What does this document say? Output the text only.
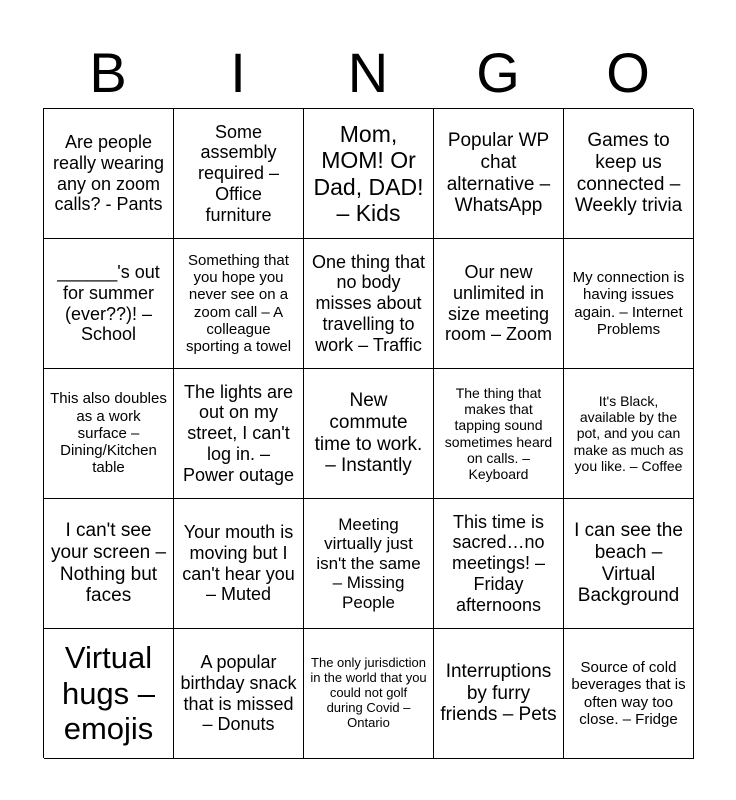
B	I	N	G	O
Are people really wearing any on zoom calls? - Pants
Some assembly required – Office furniture
Mom, MOM! Or Dad, DAD! – Kids
Popular WP chat alternative – WhatsApp
Games to keep us connected – Weekly trivia
______'s out for summer (ever??)! – School
Something that you hope you never see on a zoom call – A colleague sporting a towel
One thing that no body misses about travelling to work – Traffic
Our new unlimited in size meeting room – Zoom
My connection is having issues again. – Internet Problems
This also doubles as a work surface – Dining/Kitchen table
The lights are out on my street, I can't log in. – Power outage
New commute time to work. – Instantly
The thing that makes that tapping sound sometimes heard on calls. – Keyboard
It's Black, available by the pot, and you can make as much as you like. – Coffee
I can't see your screen – Nothing but faces
Your mouth is moving but I can't hear you – Muted
Meeting virtually just isn't the same – Missing People
This time is sacred…no meetings! – Friday afternoons
I can see the beach – Virtual Background
Virtual hugs – emojis
A popular birthday snack that is missed – Donuts
The only jurisdiction in the world that you could not golf during Covid – Ontario
Interruptions by furry friends – Pets
Source of cold beverages that is often way too close. – Fridge
